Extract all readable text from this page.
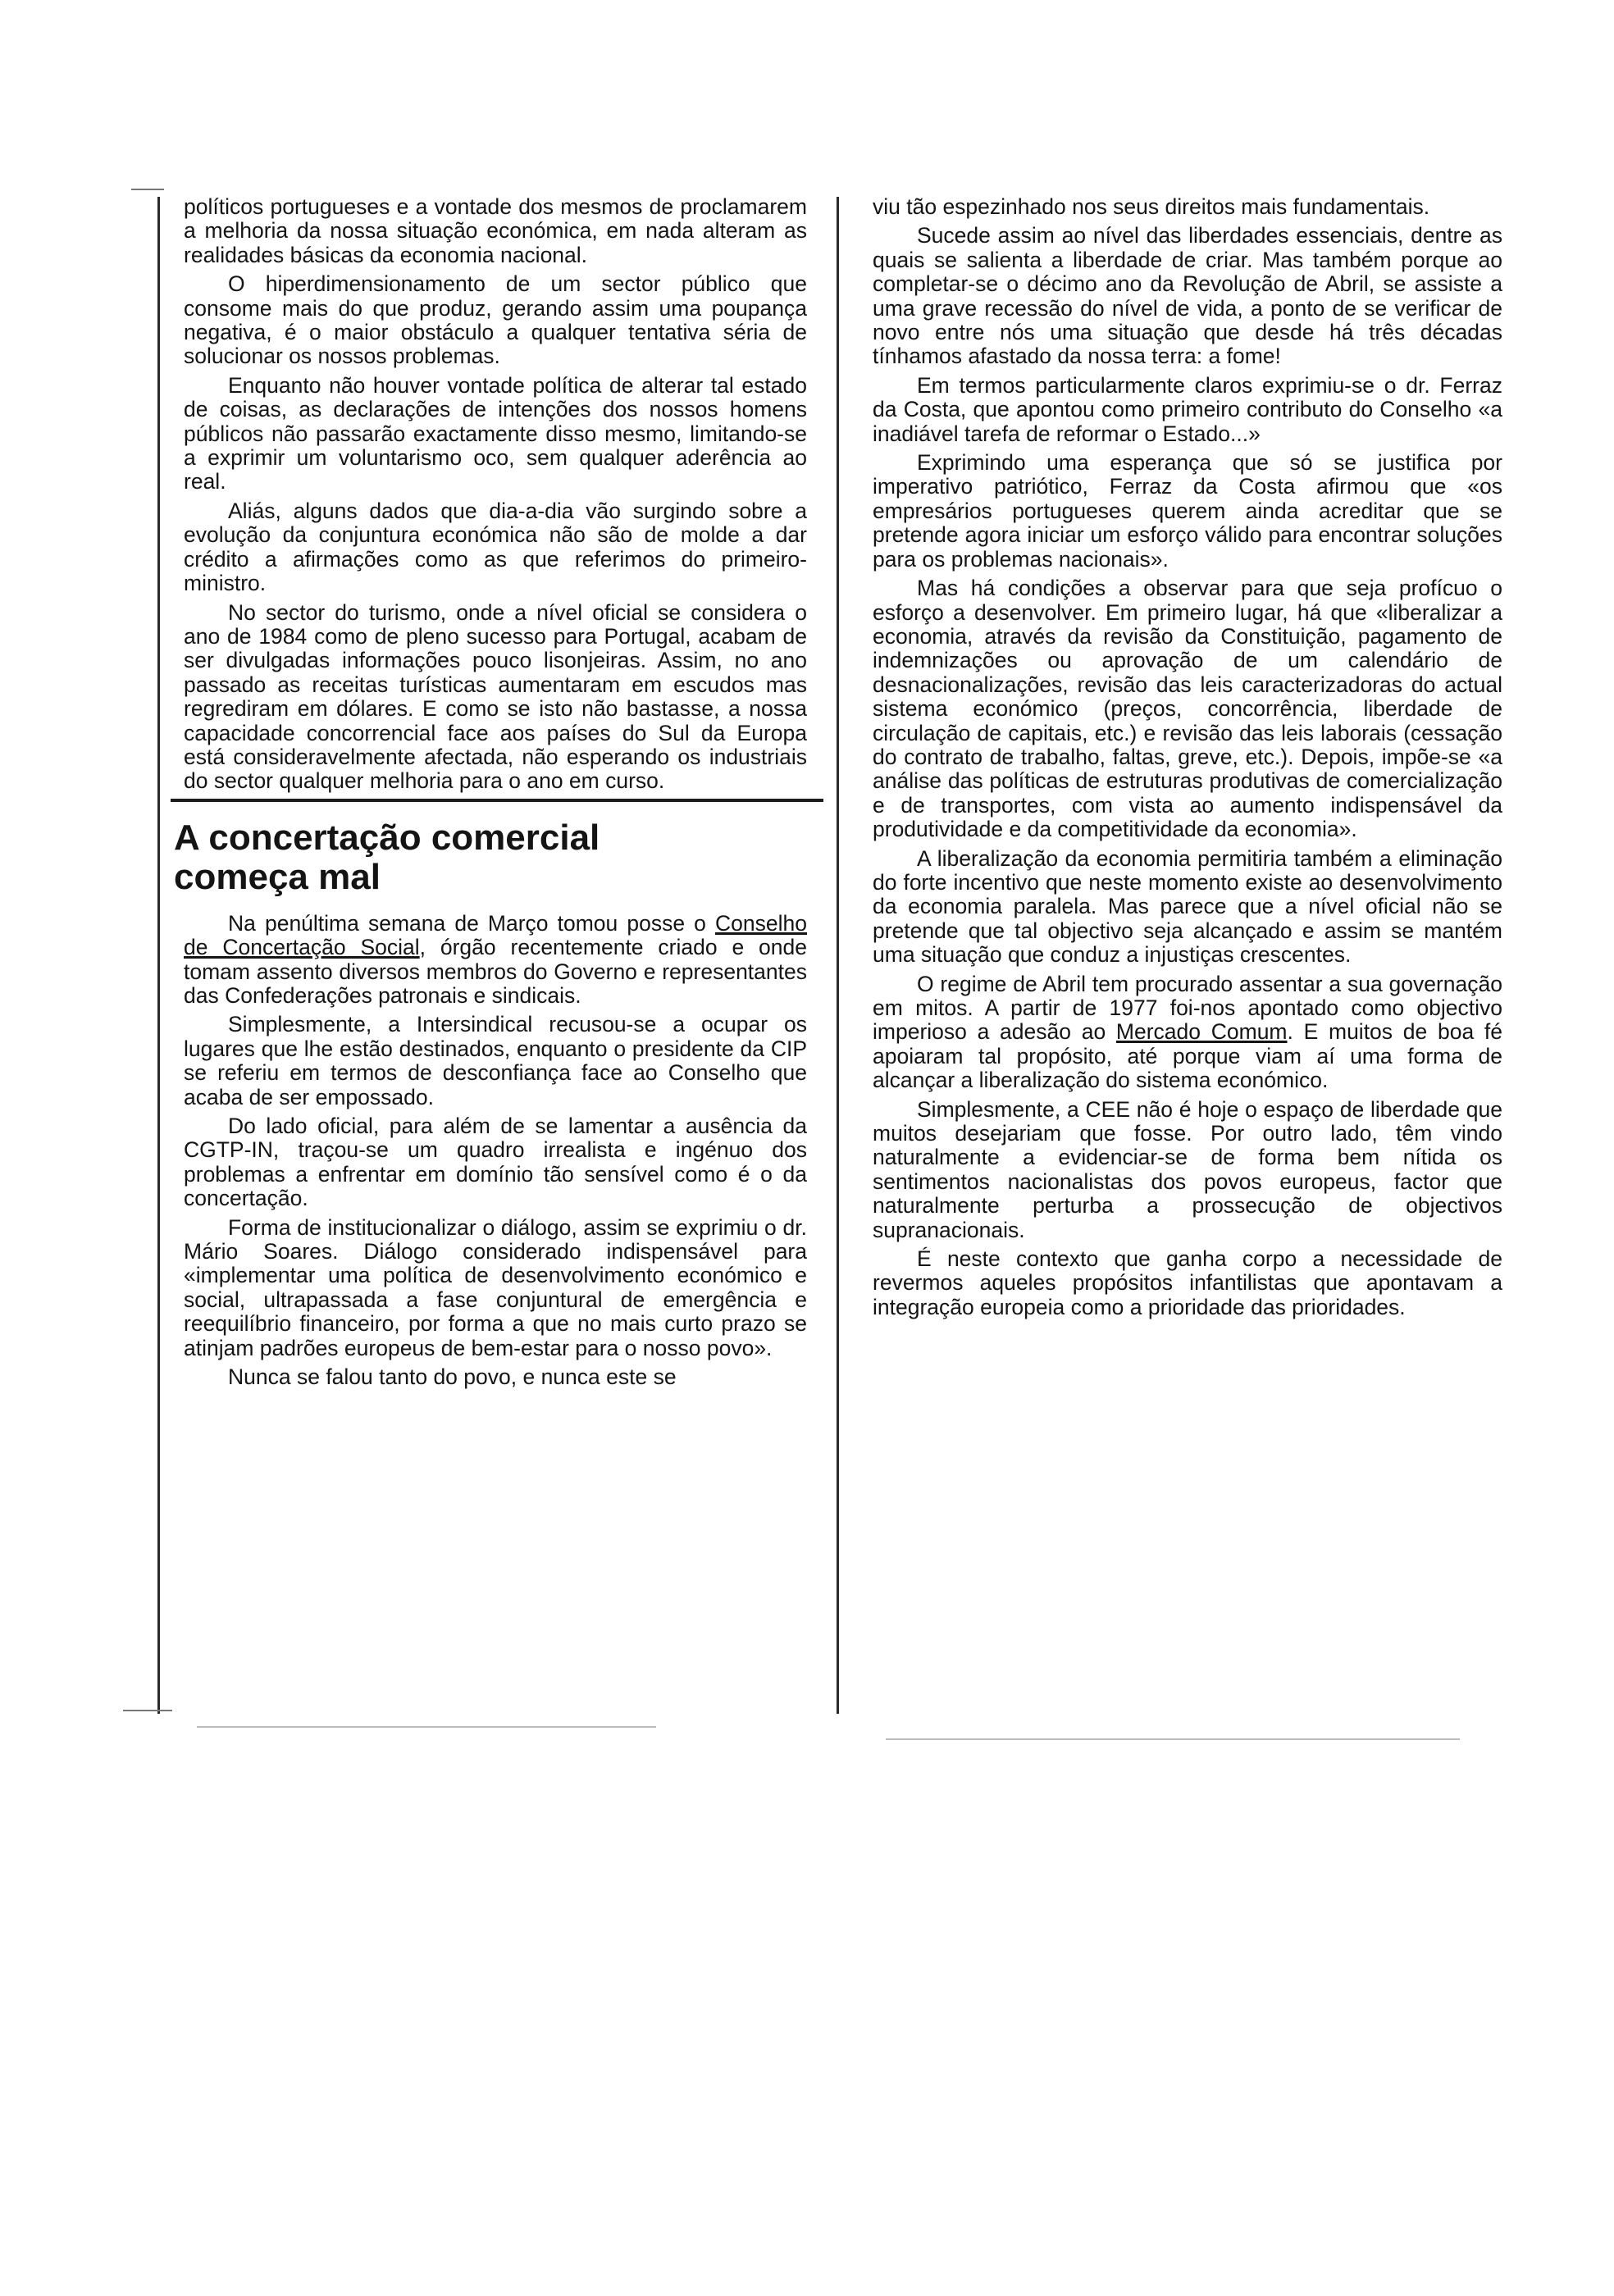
políticos portugueses e a vontade dos mesmos de proclamarem a melhoria da nossa situação económica, em nada alteram as realidades básicas da economia nacional.

O hiperdimensionamento de um sector público que consome mais do que produz, gerando assim uma poupança negativa, é o maior obstáculo a qualquer tentativa séria de solucionar os nossos problemas.

Enquanto não houver vontade política de alterar tal estado de coisas, as declarações de intenções dos nossos homens públicos não passarão exactamente disso mesmo, limitando-se a exprimir um voluntarismo oco, sem qualquer aderência ao real.

Aliás, alguns dados que dia-a-dia vão surgindo sobre a evolução da conjuntura económica não são de molde a dar crédito a afirmações como as que referimos do primeiro-ministro.

No sector do turismo, onde a nível oficial se considera o ano de 1984 como de pleno sucesso para Portugal, acabam de ser divulgadas informações pouco lisonjeiras. Assim, no ano passado as receitas turísticas aumentaram em escudos mas regrediram em dólares. E como se isto não bastasse, a nossa capacidade concorrencial face aos países do Sul da Europa está consideravelmente afectada, não esperando os industriais do sector qualquer melhoria para o ano em curso.

A concertação comercial
começa mal

Na penúltima semana de Março tomou posse o Conselho de Concertação Social, órgão recentemente criado e onde tomam assento diversos membros do Governo e representantes das Confederações patronais e sindicais.

Simplesmente, a Intersindical recusou-se a ocupar os lugares que lhe estão destinados, enquanto o presidente da CIP se referiu em termos de desconfiança face ao Conselho que acaba de ser empossado.

Do lado oficial, para além de se lamentar a ausência da CGTP-IN, traçou-se um quadro irrealista e ingénuo dos problemas a enfrentar em domínio tão sensível como é o da concertação.

Forma de institucionalizar o diálogo, assim se exprimiu o dr. Mário Soares. Diálogo considerado indispensável para «implementar uma política de desenvolvimento económico e social, ultrapassada a fase conjuntural de emergência e reequilíbrio financeiro, por forma a que no mais curto prazo se atinjam padrões europeus de bem-estar para o nosso povo».

Nunca se falou tanto do povo, e nunca este se

viu tão espezinhado nos seus direitos mais fundamentais.

Sucede assim ao nível das liberdades essenciais, dentre as quais se salienta a liberdade de criar. Mas também porque ao completar-se o décimo ano da Revolução de Abril, se assiste a uma grave recessão do nível de vida, a ponto de se verificar de novo entre nós uma situação que desde há três décadas tínhamos afastado da nossa terra: a fome!

Em termos particularmente claros exprimiu-se o dr. Ferraz da Costa, que apontou como primeiro contributo do Conselho «a inadiável tarefa de reformar o Estado...»

Exprimindo uma esperança que só se justifica por imperativo patriótico, Ferraz da Costa afirmou que «os empresários portugueses querem ainda acreditar que se pretende agora iniciar um esforço válido para encontrar soluções para os problemas nacionais».

Mas há condições a observar para que seja profícuo o esforço a desenvolver. Em primeiro lugar, há que «liberalizar a economia, através da revisão da Constituição, pagamento de indemnizações ou aprovação de um calendário de desnacionalizações, revisão das leis caracterizadoras do actual sistema económico (preços, concorrência, liberdade de circulação de capitais, etc.) e revisão das leis laborais (cessação do contrato de trabalho, faltas, greve, etc.). Depois, impõe-se «a análise das políticas de estruturas produtivas de comercialização e de transportes, com vista ao aumento indispensável da produtividade e da competitividade da economia».

A liberalização da economia permitiria também a eliminação do forte incentivo que neste momento existe ao desenvolvimento da economia paralela. Mas parece que a nível oficial não se pretende que tal objectivo seja alcançado e assim se mantém uma situação que conduz a injustiças crescentes.

O regime de Abril tem procurado assentar a sua governação em mitos. A partir de 1977 foi-nos apontado como objectivo imperioso a adesão ao Mercado Comum. E muitos de boa fé apoiaram tal propósito, até porque viam aí uma forma de alcançar a liberalização do sistema económico.

Simplesmente, a CEE não é hoje o espaço de liberdade que muitos desejariam que fosse. Por outro lado, têm vindo naturalmente a evidenciar-se de forma bem nítida os sentimentos nacionalistas dos povos europeus, factor que naturalmente perturba a prossecução de objectivos supranacionais.

É neste contexto que ganha corpo a necessidade de revermos aqueles propósitos infantilistas que apontavam a integração europeia como a prioridade das prioridades.
